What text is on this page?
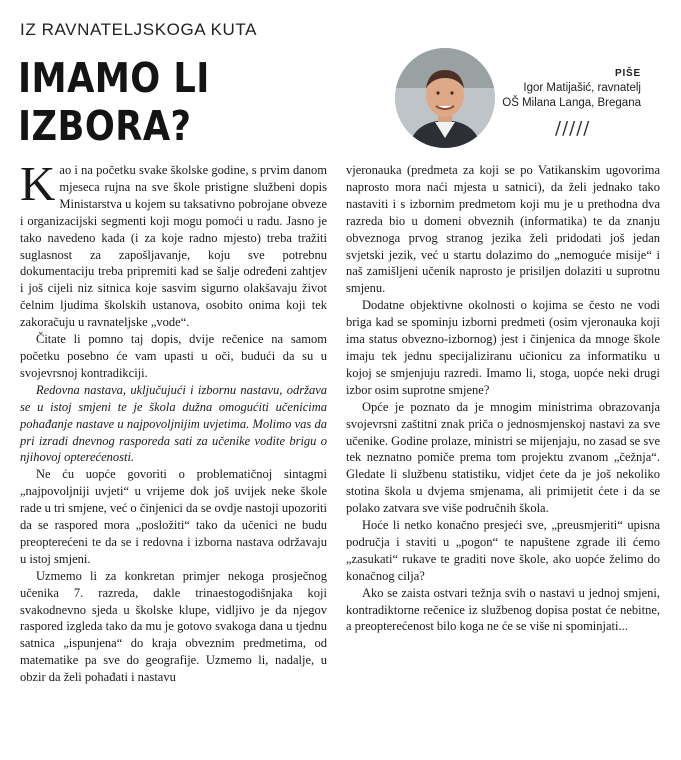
IZ RAVNATELJSKOGA KUTA
IMAMO LI
IZBORA?
PIŠE
Igor Matijašić, ravnatelj
OŠ Milana Langa, Bregana
/////

Kao i na početku svake školske godine, s prvim danom mjeseca rujna na sve škole pristigne službeni dopis Ministarstva u kojem su taksativno pobrojane obveze i organizacijski segmenti koji mogu pomoći u radu. Jasno je tako navedeno kada (i za koje radno mjesto) treba tražiti suglasnost za zapošljavanje, koju sve potrebnu dokumentaciju treba pripremiti kad se šalje određeni zahtjev i još cijeli niz sitnica koje sasvim sigurno olakšavaju život čelnim ljudima školskih ustanova, osobito onima koji tek zakoračuju u ravnateljske „vode“.

Čitate li pomno taj dopis, dvije rečenice na samom početku posebno će vam upasti u oči, budući da su u svojevrsnoj kontradikciji.

Redovna nastava, uključujući i izbornu nastavu, održava se u istoj smjeni te je škola dužna omogućiti učenicima pohađanje nastave u najpovoljnijim uvjetima. Molimo vas da pri izradi dnevnog rasporeda sati za učenike vodite brigu o njihovoj opterećenosti.

Ne ću uopće govoriti o problematičnoj sintagmi „najpovoljniji uvjeti“ u vrijeme dok još uvijek neke škole rade u tri smjene, već o činjenici da se ovdje nastoji upozoriti da se raspored mora „posložiti“ tako da učenici ne budu preopterećeni te da se i redovna i izborna nastava održavaju u istoj smjeni.

Uzmemo li za konkretan primjer nekoga prosječnog učenika 7. razreda, dakle trinaestogodišnjaka koji svakodnevno sjeda u školske klupe, vidljivo je da njegov raspored izgleda tako da mu je gotovo svakoga dana u tjednu satnica „ispunjena“ do kraja obveznim predmetima, od matematike pa sve do geografije. Uzmemo li, nadalje, u obzir da želi pohađati i nastavu

vjeronauka (predmeta za koji se po Vatikanskim ugovorima naprosto mora naći mjesta u satnici), da želi jednako tako nastaviti i s izbornim predmetom koji mu je u prethodna dva razreda bio u domeni obveznih (informatika) te da znanju obveznoga prvog stranog jezika želi pridodati još jedan svjetski jezik, već u startu dolazimo do „nemoguće misije“ i naš zamišljeni učenik naprosto je prisiljen dolaziti u suprotnu smjenu.

Dodatne objektivne okolnosti o kojima se često ne vodi briga kad se spominju izborni predmeti (osim vjeronauka koji ima status obvezno-izbornog) jest i činjenica da mnoge škole imaju tek jednu specijaliziranu učionicu za informatiku u kojoj se smjenjuju razredi. Imamo li, stoga, uopće neki drugi izbor osim suprotne smjene?

Opće je poznato da je mnogim ministrima obrazovanja svojevrsni zaštitni znak priča o jednosmjenskoj nastavi za sve učenike. Godine prolaze, ministri se mijenjaju, no zasad se sve tek neznatno pomiče prema tom projektu zvanom „čežnja“. Gledate li službenu statistiku, vidjet ćete da je još nekoliko stotina škola u dvjema smjenama, ali primijetit ćete i da se polako zatvara sve više područnih škola.

Hoće li netko konačno presjeći sve, „preusmjeriti“ upisna područja i staviti u „pogon“ te napuštene zgrade ili ćemo „zasukati“ rukave te graditi nove škole, ako uopće želimo do konačnog cilja?

Ako se zaista ostvari težnja svih o nastavi u jednoj smjeni, kontradiktorne rečenice iz službenog dopisa postat će nebitne, a preopterećenost bilo koga ne će se više ni spominjati...
